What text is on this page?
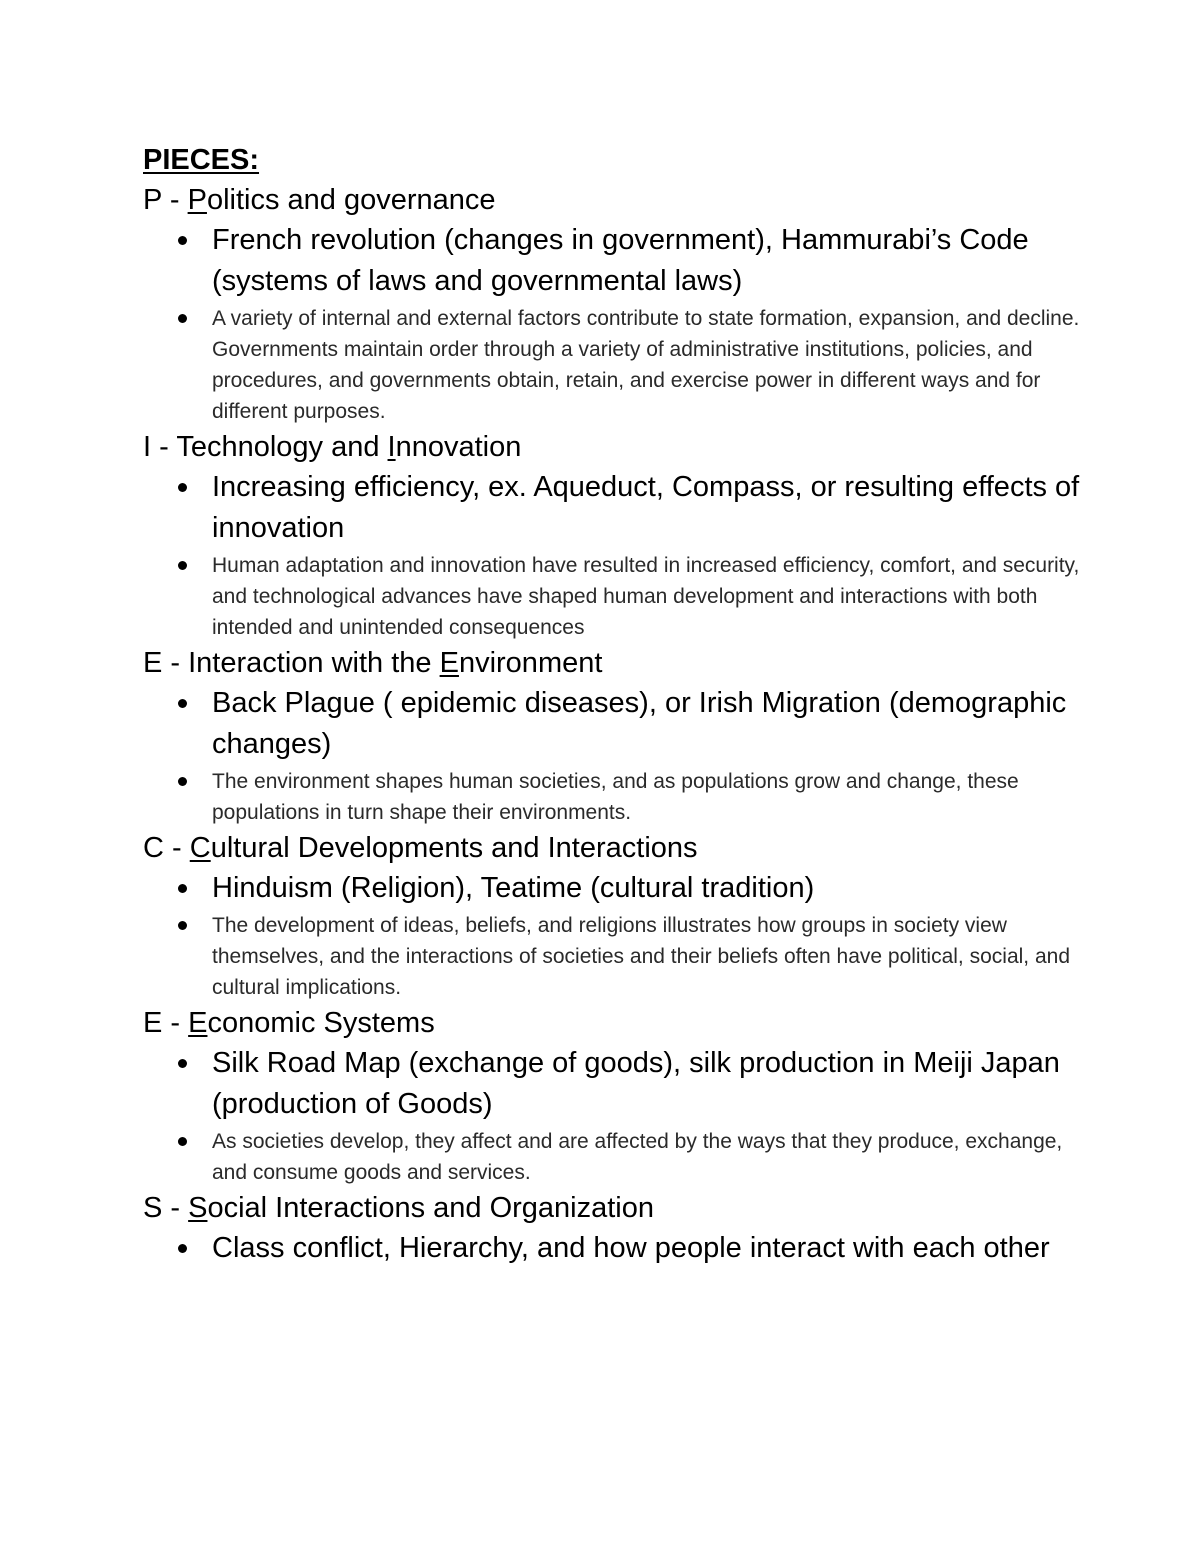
PIECES:

P - Politics and governance

French revolution (changes in government), Hammurabi’s Code (systems of laws and governmental laws)
A variety of internal and external factors contribute to state formation, expansion, and decline. Governments maintain order through a variety of administrative institutions, policies, and procedures, and governments obtain, retain, and exercise power in different ways and for different purposes.

I - Technology and Innovation

Increasing efficiency, ex. Aqueduct, Compass, or resulting effects of innovation
Human adaptation and innovation have resulted in increased efficiency, comfort, and security, and technological advances have shaped human development and interactions with both intended and unintended consequences

E - Interaction with the Environment

Back Plague ( epidemic diseases), or Irish Migration (demographic changes)
The environment shapes human societies, and as populations grow and change, these populations in turn shape their environments.

C - Cultural Developments and Interactions

Hinduism (Religion), Teatime (cultural tradition)
The development of ideas, beliefs, and religions illustrates how groups in society view themselves, and the interactions of societies and their beliefs often have political, social, and cultural implications.

E - Economic Systems

Silk Road Map (exchange of goods), silk production in Meiji Japan (production of Goods)
As societies develop, they affect and are affected by the ways that they produce, exchange, and consume goods and services.

S - Social Interactions and Organization

Class conflict, Hierarchy, and how people interact with each other
